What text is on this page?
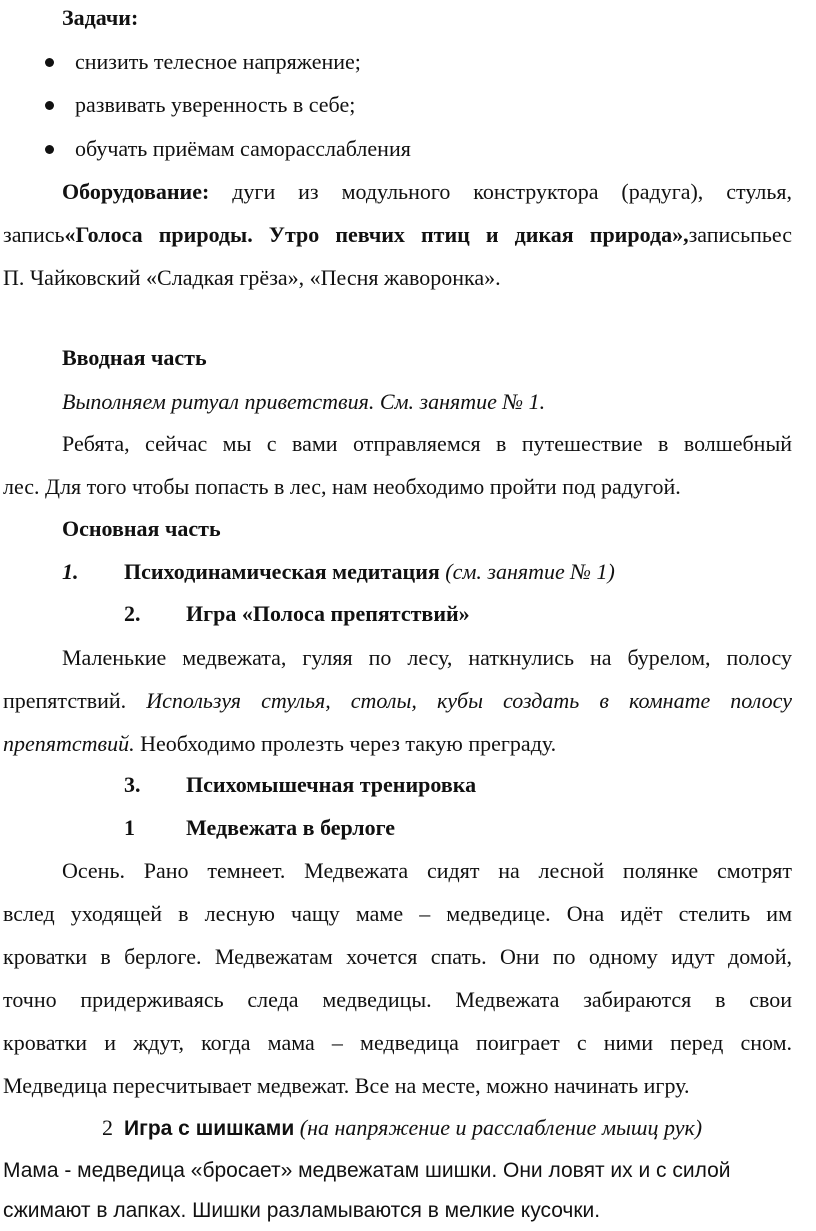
Задачи:
снизить телесное напряжение;
развивать уверенность в себе;
обучать приёмам саморасслабления
Оборудование: дуги из модульного конструктора (радуга), стулья,
запись«Голоса природы. Утро певчих птиц и дикая природа»,записьпьес
П. Чайковский «Сладкая грёза», «Песня жаворонка».
Вводная часть
Выполняем ритуал приветствия. См. занятие № 1.
Ребята, сейчас мы с вами отправляемся в путешествие в волшебный
лес. Для того чтобы попасть в лес, нам необходимо пройти под радугой.
Основная часть
1. Психодинамическая медитация (см. занятие № 1)
2. Игра «Полоса препятствий»
Маленькие медвежата, гуляя по лесу, наткнулись на бурелом, полосу
препятствий. Используя стулья, столы, кубы создать в комнате полосу
препятствий. Необходимо пролезть через такую преграду.
3. Психомышечная тренировка
1 Медвежата в берлоге
Осень. Рано темнеет. Медвежата сидят на лесной полянке смотрят
вслед уходящей в лесную чащу маме – медведице. Она идёт стелить им
кроватки в берлоге. Медвежатам хочется спать. Они по одному идут домой,
точно придерживаясь следа медведицы. Медвежата забираются в свои
кроватки и ждут, когда мама – медведица поиграет с ними перед сном.
Медведица пересчитывает медвежат. Все на месте, можно начинать игру.
2 Игра с шишками (на напряжение и расслабление мышц рук)
Мама - медведица «бросает» медвежатам шишки. Они ловят их и с силой
сжимают в лапках. Шишки разламываются в мелкие кусочки.
